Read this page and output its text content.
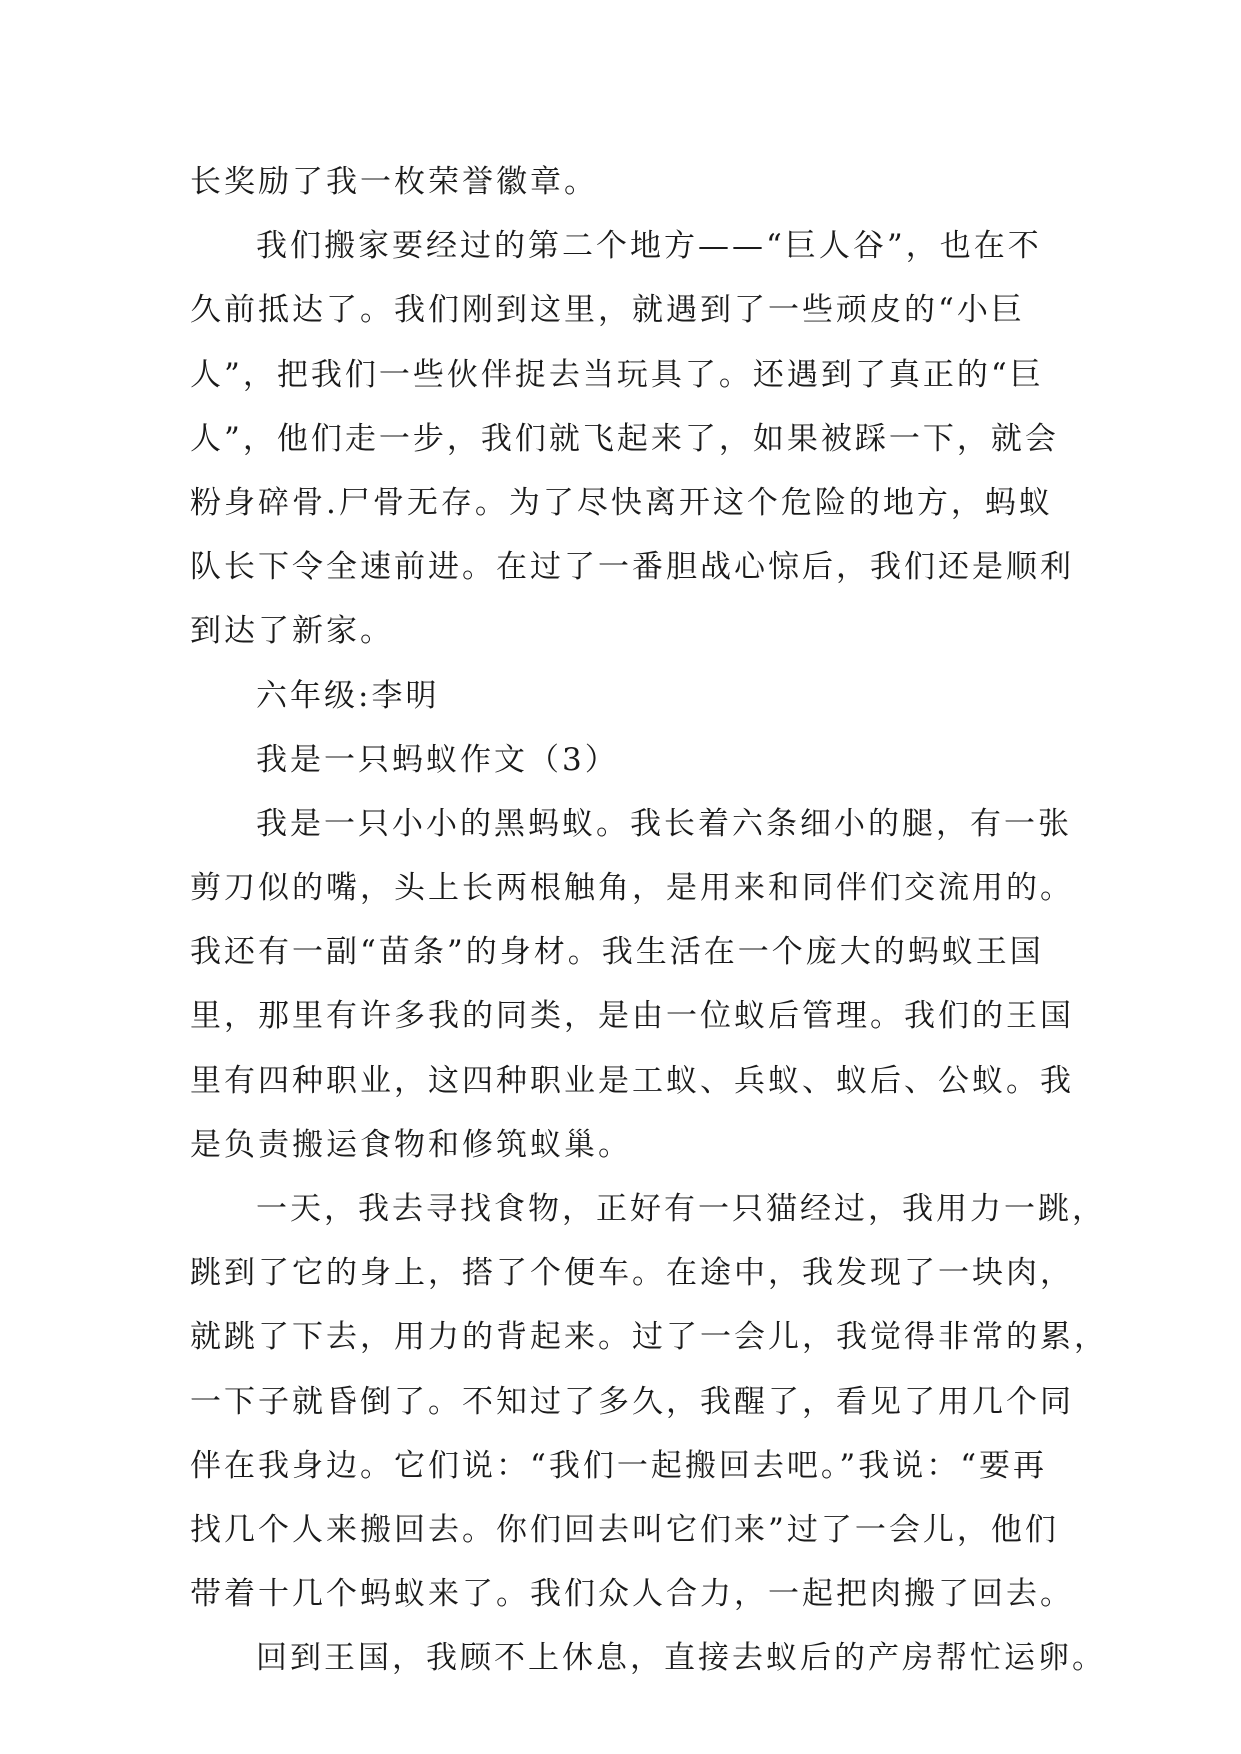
长奖励了我一枚荣誉徽章。
我们搬家要经过的第二个地方——“巨人谷”，也在不
久前抵达了。我们刚到这里，就遇到了一些顽皮的“小巨
人”，把我们一些伙伴捉去当玩具了。还遇到了真正的“巨
人”，他们走一步，我们就飞起来了，如果被踩一下，就会
粉身碎骨.尸骨无存。为了尽快离开这个危险的地方，蚂蚁
队长下令全速前进。在过了一番胆战心惊后，我们还是顺利
到达了新家。
六年级:李明
我是一只蚂蚁作文（3）
我是一只小小的黑蚂蚁。我长着六条细小的腿，有一张
剪刀似的嘴，头上长两根触角，是用来和同伴们交流用的。
我还有一副“苗条”的身材。我生活在一个庞大的蚂蚁王国
里，那里有许多我的同类，是由一位蚁后管理。我们的王国
里有四种职业，这四种职业是工蚁、兵蚁、蚁后、公蚁。我
是负责搬运食物和修筑蚁巢。
一天，我去寻找食物，正好有一只猫经过，我用力一跳，
跳到了它的身上，搭了个便车。在途中，我发现了一块肉，
就跳了下去，用力的背起来。过了一会儿，我觉得非常的累，
一下子就昏倒了。不知过了多久，我醒了，看见了用几个同
伴在我身边。它们说：“我们一起搬回去吧。”我说：“要再
找几个人来搬回去。你们回去叫它们来”过了一会儿，他们
带着十几个蚂蚁来了。我们众人合力，一起把肉搬了回去。
回到王国，我顾不上休息，直接去蚁后的产房帮忙运卵。
